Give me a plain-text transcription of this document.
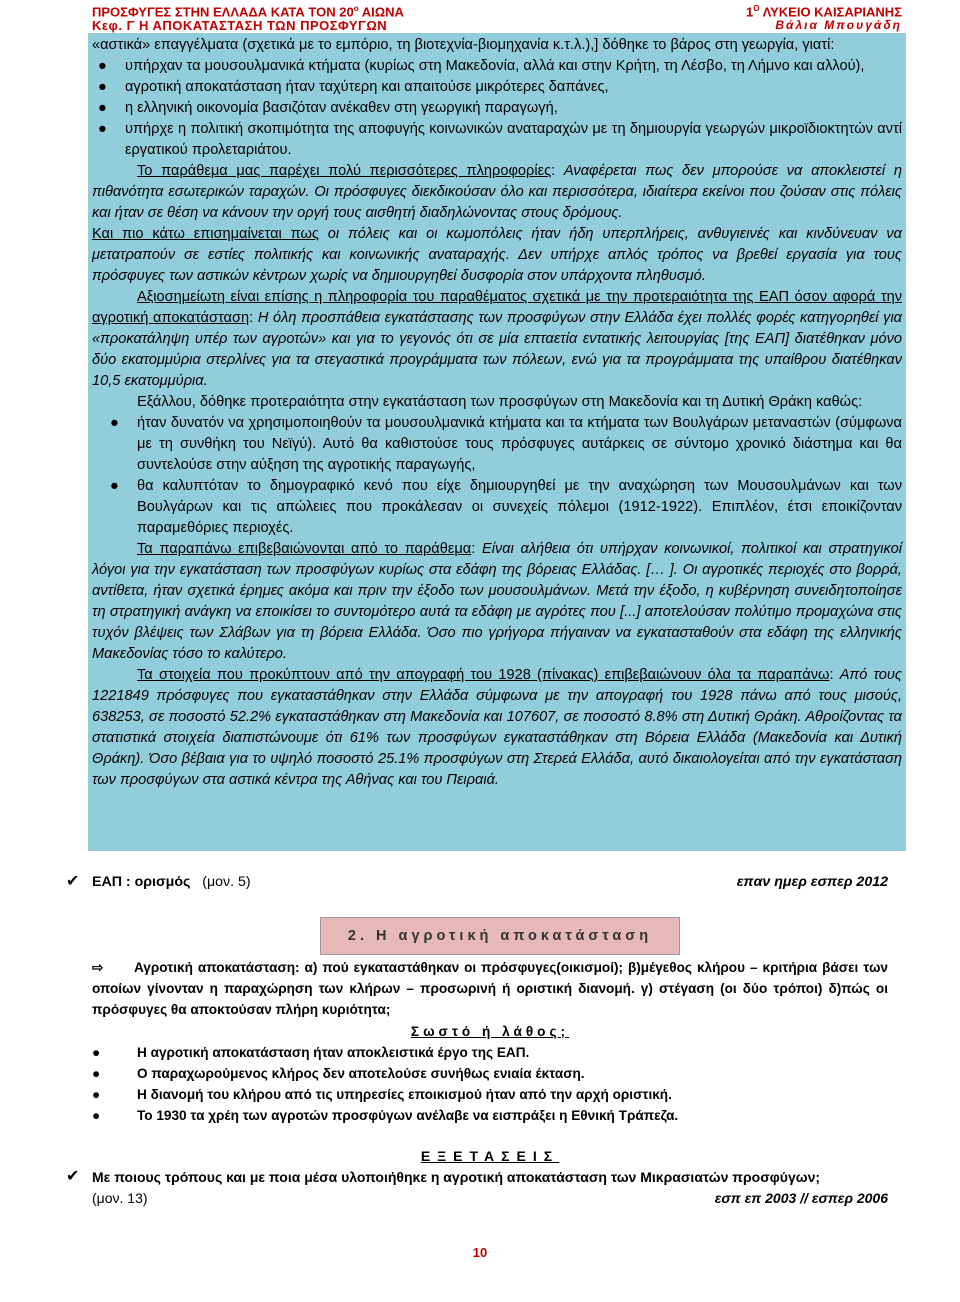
ΠΡΟΣΦΥΓΕΣ ΣΤΗΝ ΕΛΛΑΔΑ ΚΑΤΑ ΤΟΝ $20^o$ ΑΙΩΝΑ
Κεφ. Γ Η ΑΠΟΚΑΤΑΣΤΑΣΗ ΤΩΝ ΠΡΟΣΦΥΓΩΝ
$1^O$ ΛΥΚΕΙΟ ΚΑΙΣΑΡΙΑΝΗΣ
Βάλια Μπουγάδη

«αστικά» επαγγέλματα (σχετικά με το εμπόριο, τη βιοτεχνία-βιομηχανία κ.τ.λ.),] δόθηκε το βάρος στη γεωργία, γιατί:

● υπήρχαν τα μουσουλμανικά κτήματα (κυρίως στη Μακεδονία, αλλά και στην Κρήτη, τη Λέσβο, τη Λήμνο και αλλού),

● αγροτική αποκατάσταση ήταν ταχύτερη και απαιτούσε μικρότερες δαπάνες,

● η ελληνική οικονομία βασιζόταν ανέκαθεν στη γεωργική παραγωγή,

● υπήρχε η πολιτική σκοπιμότητα της αποφυγής κοινωνικών αναταραχών με τη δημιουργία γεωργών μικροϊδιοκτητών αντί εργατικού προλεταριάτου.

Το παράθεμα μας παρέχει πολύ περισσότερες πληροφορίες: Αναφέρεται πως δεν μπορούσε να αποκλειστεί η πιθανότητα εσωτερικών ταραχών. Οι πρόσφυγες διεκδικούσαν όλο και περισσότερα, ιδιαίτερα εκείνοι που ζούσαν στις πόλεις και ήταν σε θέση να κάνουν την οργή τους αισθητή διαδηλώνοντας στους δρόμους.

Και πιο κάτω επισημαίνεται πως οι πόλεις και οι κωμοπόλεις ήταν ήδη υπερπλήρεις, ανθυγιεινές και κινδύνευαν να μετατραπούν σε εστίες πολιτικής και κοινωνικής αναταραχής. Δεν υπήρχε απλός τρόπος να βρεθεί εργασία για τους πρόσφυγες των αστικών κέντρων χωρίς να δημιουργηθεί δυσφορία στον υπάρχοντα πληθυσμό.

Αξιοσημείωτη είναι επίσης η πληροφορία του παραθέματος σχετικά με την προτεραιότητα της ΕΑΠ όσον αφορά την αγροτική αποκατάσταση: Η όλη προσπάθεια εγκατάστασης των προσφύγων στην Ελλάδα έχει πολλές φορές κατηγορηθεί για «προκατάληψη υπέρ των αγροτών» και για το γεγονός ότι σε μία επταετία εντατικής λειτουργίας [της ΕΑΠ] διατέθηκαν μόνο δύο εκατομμύρια στερλίνες για τα στεγαστικά προγράμματα των πόλεων, ενώ για τα προγράμματα της υπαίθρου διατέθηκαν 10,5 εκατομμύρια.

Εξάλλου, δόθηκε προτεραιότητα στην εγκατάσταση των προσφύγων στη Μακεδονία και τη Δυτική Θράκη καθώς:

● ήταν δυνατόν να χρησιμοποιηθούν τα μουσουλμανικά κτήματα και τα κτήματα των Βουλγάρων μεταναστών (σύμφωνα με τη συνθήκη του Νεϊγύ). Αυτό θα καθιστούσε τους πρόσφυγες αυτάρκεις σε σύντομο χρονικό διάστημα και θα συντελούσε στην αύξηση της αγροτικής παραγωγής,

● θα καλυπτόταν το δημογραφικό κενό που είχε δημιουργηθεί με την αναχώρηση των Μουσουλμάνων και των Βουλγάρων και τις απώλειες που προκάλεσαν οι συνεχείς πόλεμοι (1912-1922). Επιπλέον, έτσι εποικίζονταν παραμεθόριες περιοχές.

Τα παραπάνω επιβεβαιώνονται από το παράθεμα: Είναι αλήθεια ότι υπήρχαν κοινωνικοί, πολιτικοί και στρατηγικοί λόγοι για την εγκατάσταση των προσφύγων κυρίως στα εδάφη της βόρειας Ελλάδας. [… ]. Οι αγροτικές περιοχές στο βορρά, αντίθετα, ήταν σχετικά έρημες ακόμα και πριν την έξοδο των μουσουλμάνων. Μετά την έξοδο, η κυβέρνηση συνειδητοποίησε τη στρατηγική ανάγκη να εποικίσει το συντομότερο αυτά τα εδάφη με αγρότες που [...] αποτελούσαν πολύτιμο προμαχώνα στις τυχόν βλέψεις των Σλάβων για τη βόρεια Ελλάδα. Όσο πιο γρήγορα πήγαιναν να εγκατασταθούν στα εδάφη της ελληνικής Μακεδονίας τόσο το καλύτερο.

Τα στοιχεία που προκύπτουν από την απογραφή του 1928 (πίνακας) επιβεβαιώνουν όλα τα παραπάνω: Από τους 1221849 πρόσφυγες που εγκαταστάθηκαν στην Ελλάδα σύμφωνα με την απογραφή του 1928 πάνω από τους μισούς, 638253, σε ποσοστό 52.2% εγκαταστάθηκαν στη Μακεδονία και 107607, σε ποσοστό 8.8% στη Δυτική Θράκη. Αθροίζοντας τα στατιστικά στοιχεία διαπιστώνουμε ότι 61% των προσφύγων εγκαταστάθηκαν στη Βόρεια Ελλάδα (Μακεδονία και Δυτική Θράκη). Όσο βέβαια για το υψηλό ποσοστό 25.1% προσφύγων στη Στερεά Ελλάδα, αυτό δικαιολογείται από την εγκατάσταση των προσφύγων στα αστικά κέντρα της Αθήνας και του Πειραιά.

✔ ΕΑΠ : ορισμός (μον. 5)	επαν ημερ εσπερ 2012
2. Η αγροτική αποκατάσταση

⇨ Αγροτική αποκατάσταση: α) πού εγκαταστάθηκαν οι πρόσφυγες(οικισμοί); β)μέγεθος κλήρου – κριτήρια βάσει των οποίων γίνονταν η παραχώρηση των κλήρων – προσωρινή ή οριστική διανομή. γ) στέγαση (οι δύο τρόποι) δ)πώς οι πρόσφυγες θα αποκτούσαν πλήρη κυριότητα;

Σωστό ή λάθος;

●	Η αγροτική αποκατάσταση ήταν αποκλειστικά έργο της ΕΑΠ.

●	Ο παραχωρούμενος κλήρος δεν αποτελούσε συνήθως ενιαία έκταση.

●	Η διανομή του κλήρου από τις υπηρεσίες εποικισμού ήταν από την αρχή οριστική.

●	Το 1930 τα χρέη των αγροτών προσφύγων ανέλαβε να εισπράξει η Εθνική Τράπεζα.

✔
ΕΞΕΤΑΣΕΙΣ
Με ποιους τρόπους και με ποια μέσα υλοποιήθηκε η αγροτική αποκατάσταση των Μικρασιατών προσφύγων;
(μον. 13)	εσπ επ 2003 // εσπερ 2006
10
